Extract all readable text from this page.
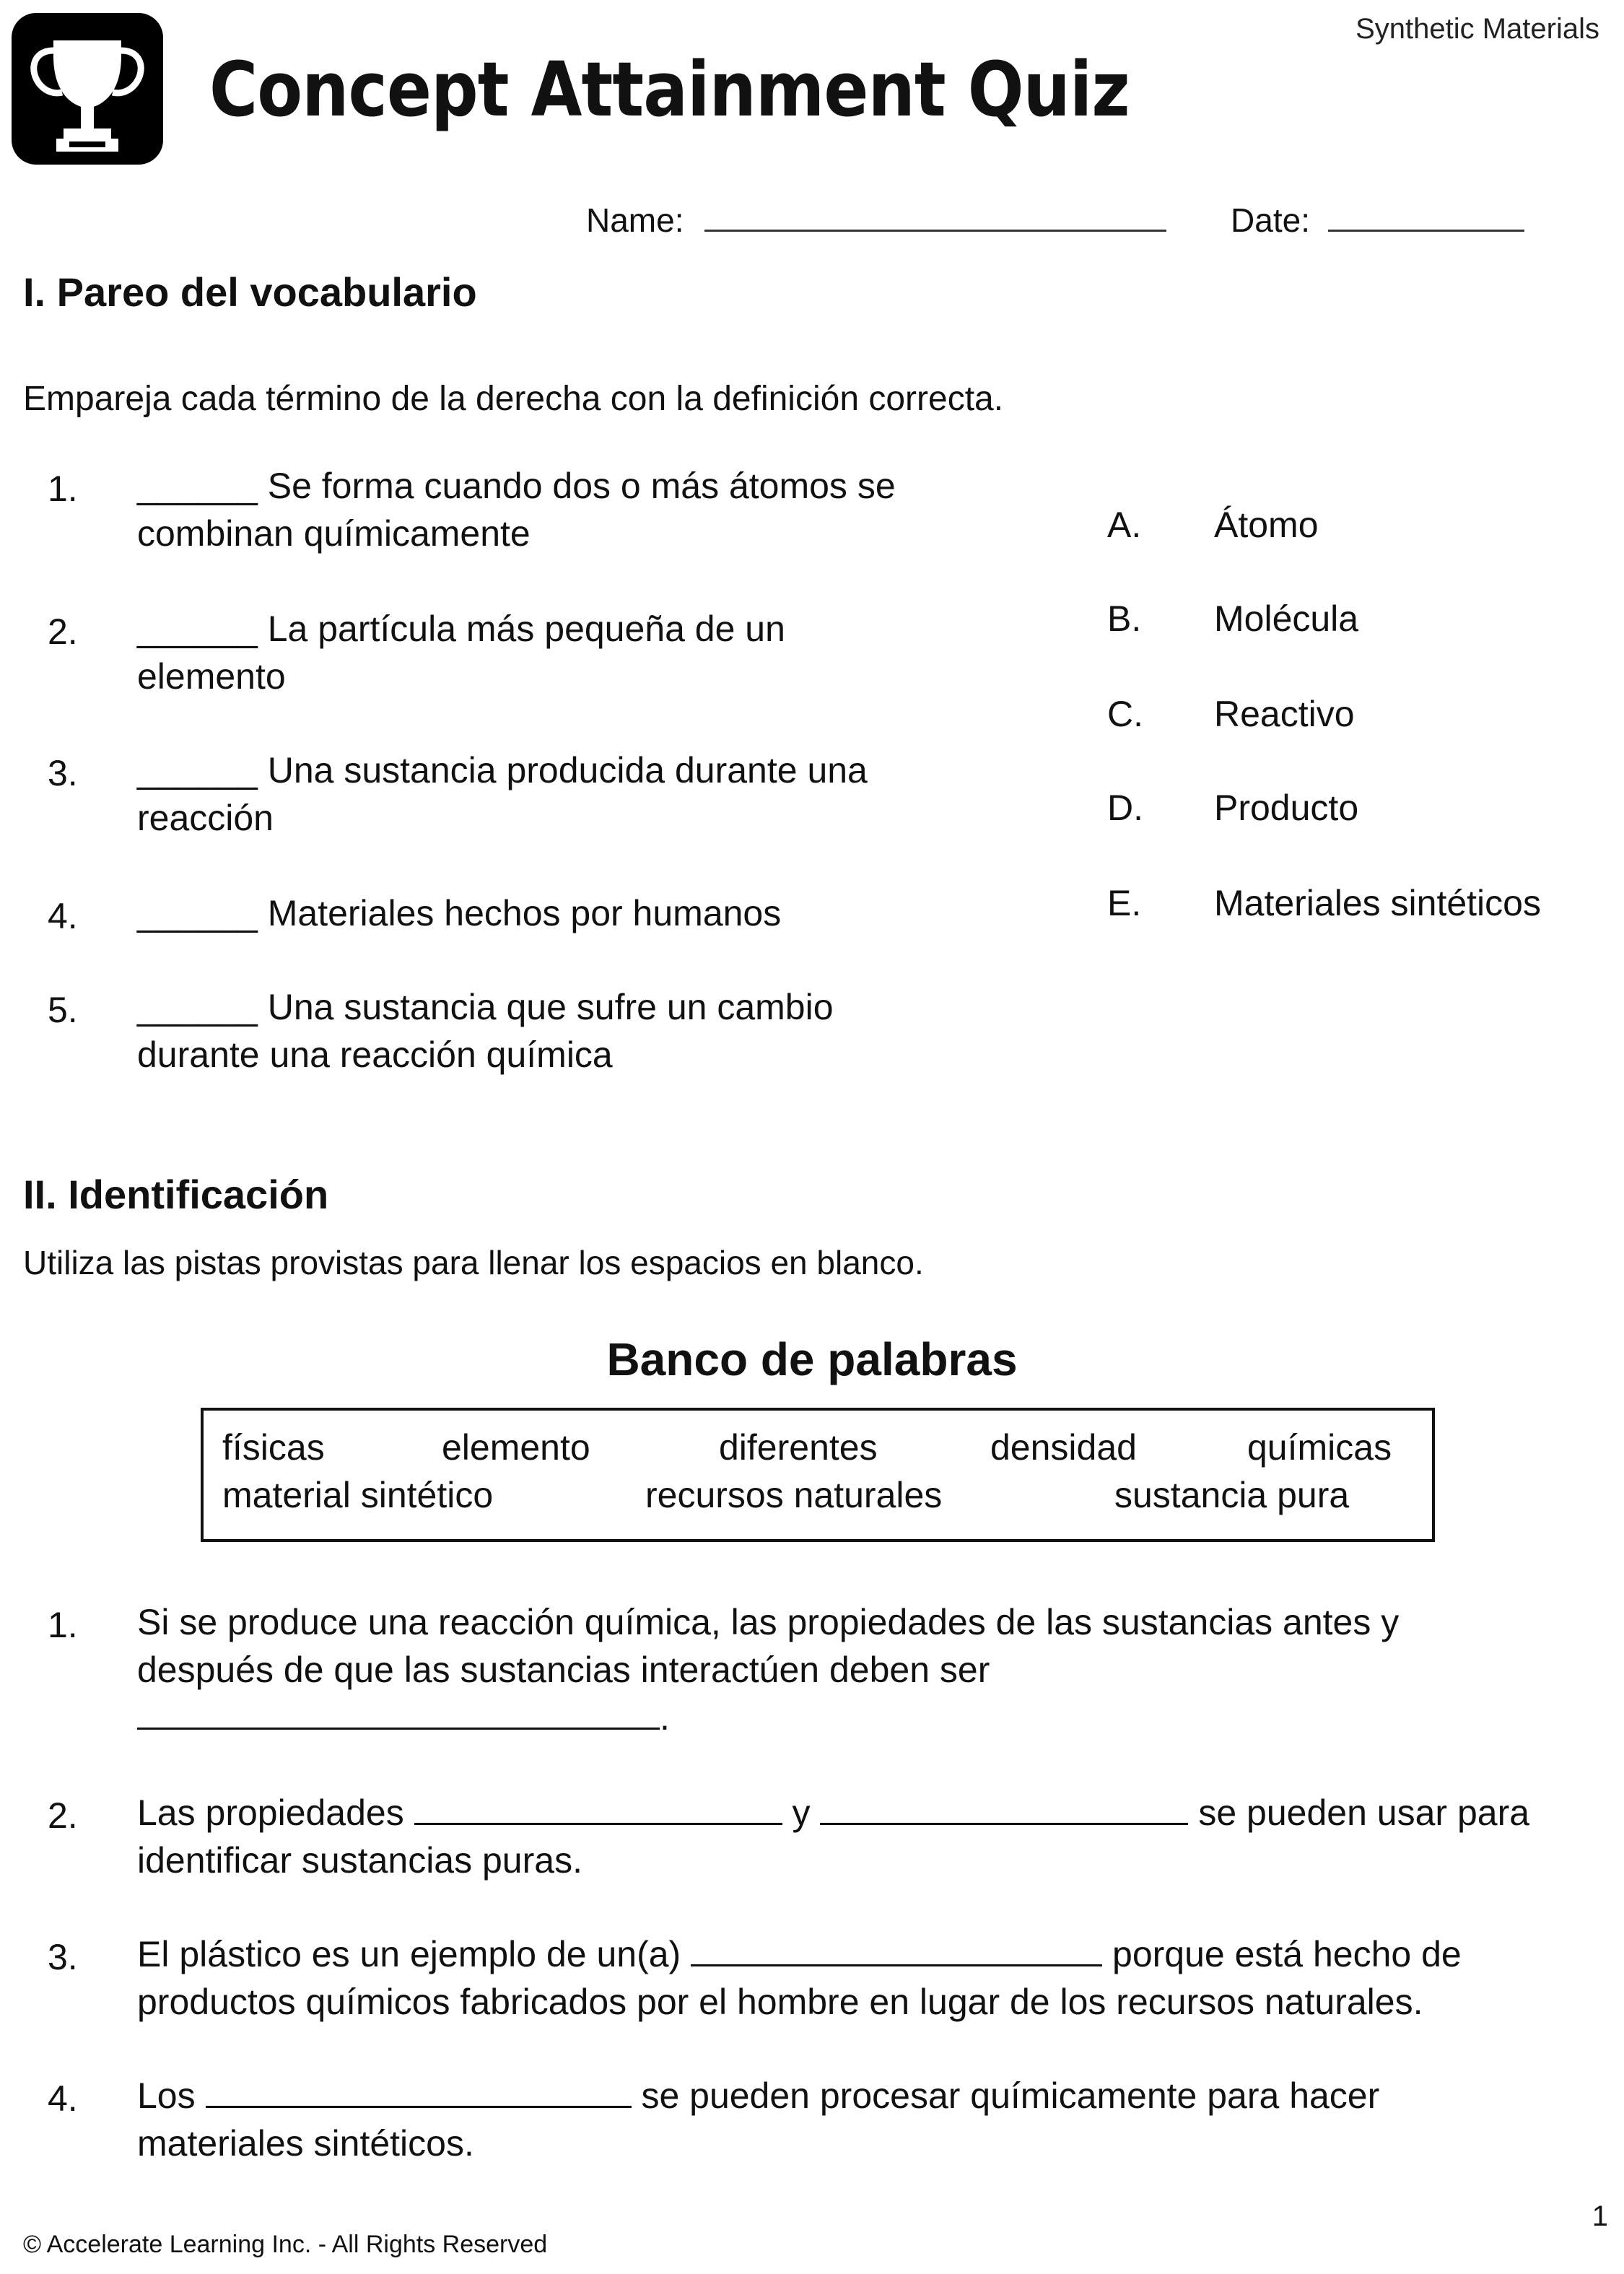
Concept Attainment Quiz
Synthetic Materials
Name:	Date:
I. Pareo del vocabulario
Empareja cada término de la derecha con la definición correcta.
1. ______ Se forma cuando dos o más átomos se
combinan químicamente
2. ______ La partícula más pequeña de un
elemento
3. ______ Una sustancia producida durante una
reacción
4. ______ Materiales hechos por humanos
5. ______ Una sustancia que sufre un cambio
durante una reacción química
A. Átomo
B. Molécula
C. Reactivo
D. Producto
E. Materiales sintéticos
II. Identificación
Utiliza las pistas provistas para llenar los espacios en blanco.
Banco de palabras
físicas	elemento	diferentes	densidad	químicas
material sintético	recursos naturales	sustancia pura
1. Si se produce una reacción química, las propiedades de las sustancias antes y
después de que las sustancias interactúen deben ser
.
2. Las propiedades	y	se pueden usar para
identificar sustancias puras.
3. El plástico es un ejemplo de un(a)	porque está hecho de
productos químicos fabricados por el hombre en lugar de los recursos naturales.
4. Los	se pueden procesar químicamente para hacer
materiales sintéticos.
© Accelerate Learning Inc. - All Rights Reserved
1
